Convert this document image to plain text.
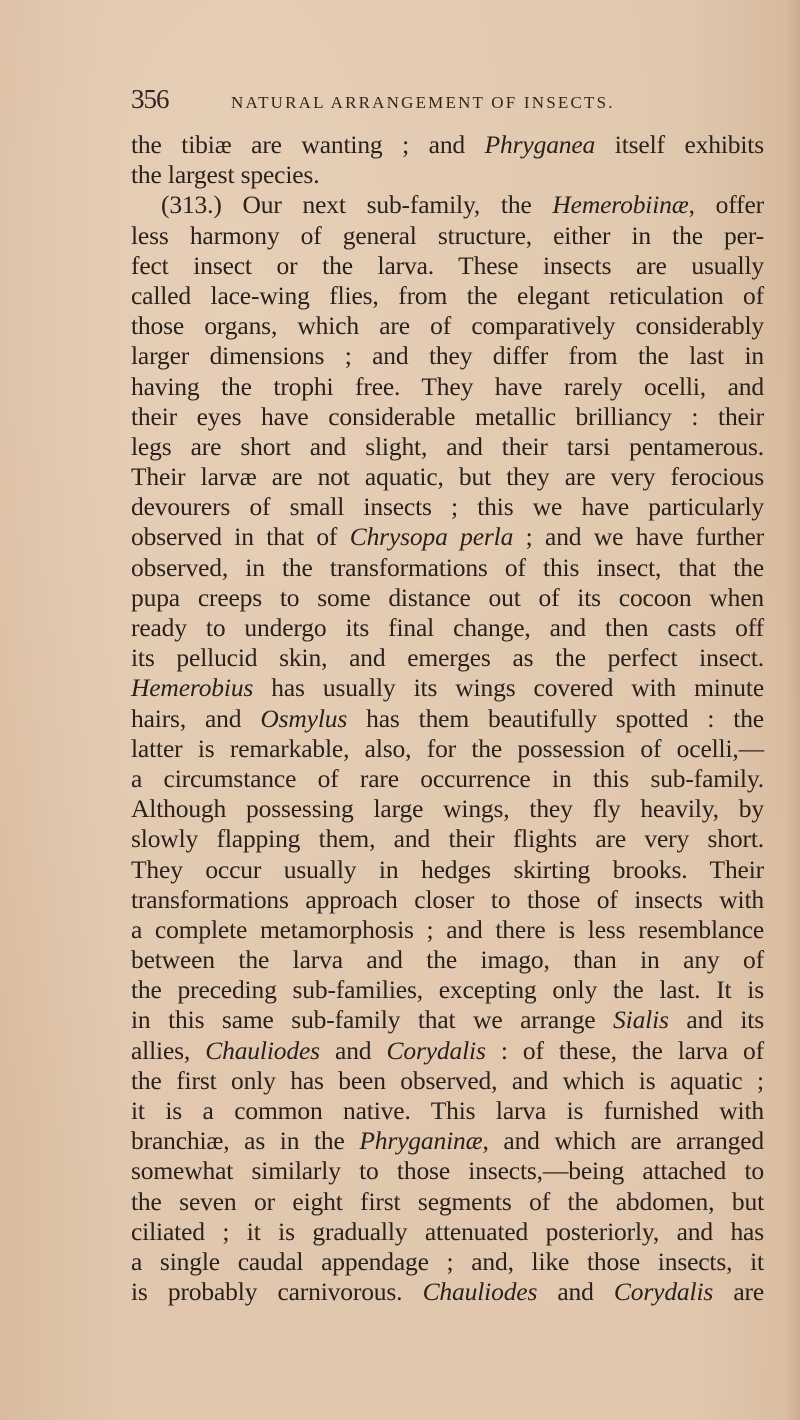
356	NATURAL ARRANGEMENT OF INSECTS.
the tibiæ are wanting ; and Phryganea itself exhibits
the largest species.
(313.) Our next sub-family, the Hemerobiinæ, offer
less harmony of general structure, either in the per-
fect insect or the larva. These insects are usually
called lace-wing flies, from the elegant reticulation of
those organs, which are of comparatively considerably
larger dimensions ; and they differ from the last in
having the trophi free. They have rarely ocelli, and
their eyes have considerable metallic brilliancy : their
legs are short and slight, and their tarsi pentamerous.
Their larvæ are not aquatic, but they are very ferocious
devourers of small insects ; this we have particularly
observed in that of Chrysopa perla ; and we have further
observed, in the transformations of this insect, that the
pupa creeps to some distance out of its cocoon when
ready to undergo its final change, and then casts off
its pellucid skin, and emerges as the perfect insect.
Hemerobius has usually its wings covered with minute
hairs, and Osmylus has them beautifully spotted : the
latter is remarkable, also, for the possession of ocelli,—
a circumstance of rare occurrence in this sub-family.
Although possessing large wings, they fly heavily, by
slowly flapping them, and their flights are very short.
They occur usually in hedges skirting brooks. Their
transformations approach closer to those of insects with
a complete metamorphosis ; and there is less resemblance
between the larva and the imago, than in any of
the preceding sub-families, excepting only the last. It is
in this same sub-family that we arrange Sialis and its
allies, Chauliodes and Corydalis : of these, the larva of
the first only has been observed, and which is aquatic ;
it is a common native. This larva is furnished with
branchiæ, as in the Phryganinæ, and which are arranged
somewhat similarly to those insects,—being attached to
the seven or eight first segments of the abdomen, but
ciliated ; it is gradually attenuated posteriorly, and has
a single caudal appendage ; and, like those insects, it
is probably carnivorous. Chauliodes and Corydalis are
